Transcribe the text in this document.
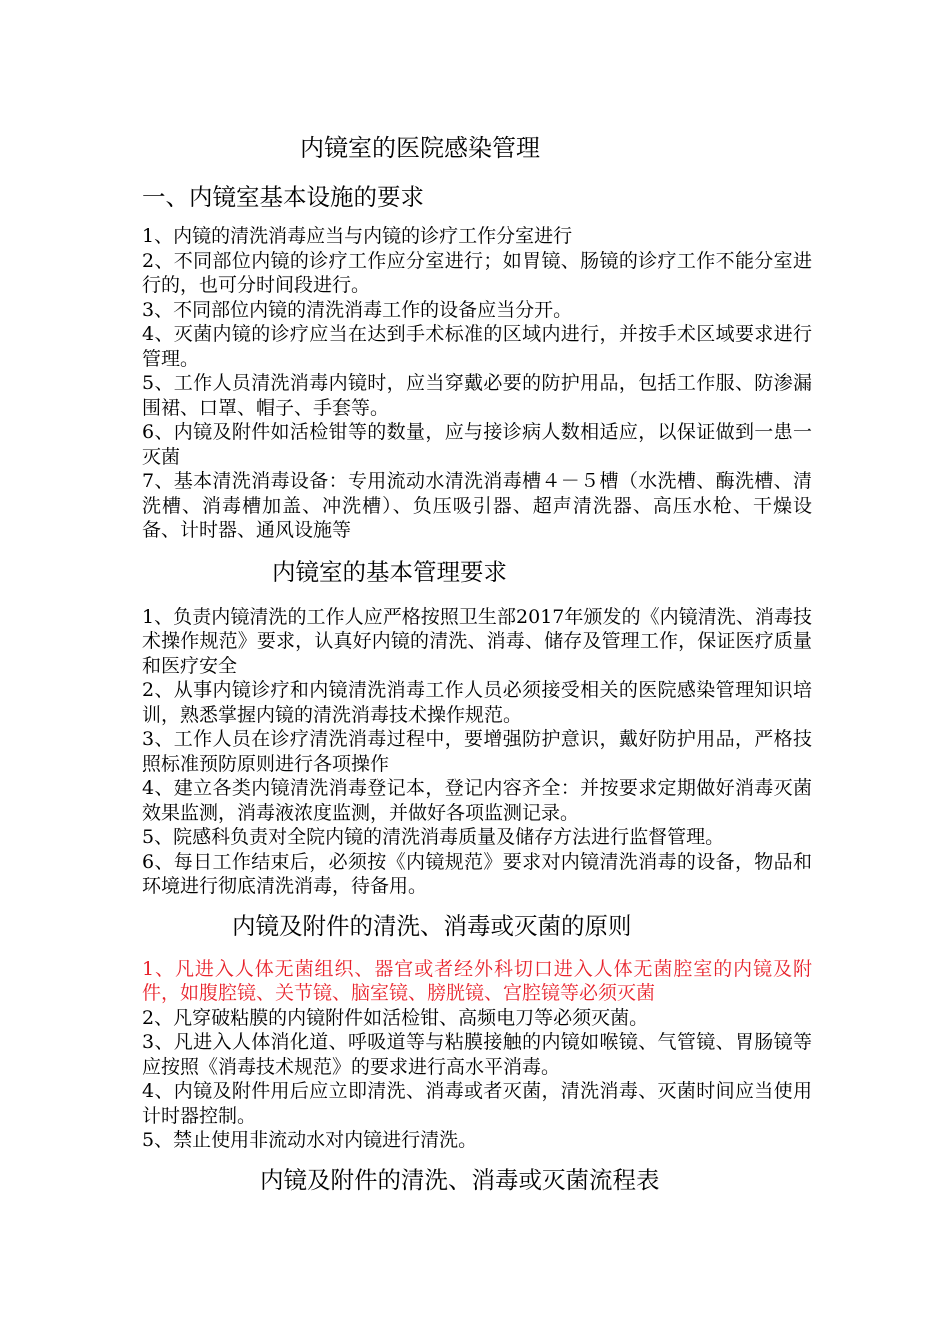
内镜室的医院感染管理
一、内镜室基本设施的要求

1、内镜的清洗消毒应当与内镜的诊疗工作分室进行

2、不同部位内镜的诊疗工作应分室进行；如胃镜、肠镜的诊疗工作不能分室进行的，也可分时间段进行。

3、不同部位内镜的清洗消毒工作的设备应当分开。

4、灭菌内镜的诊疗应当在达到手术标准的区域内进行，并按手术区域要求进行管理。

5、工作人员清洗消毒内镜时，应当穿戴必要的防护用品，包括工作服、防渗漏围裙、口罩、帽子、手套等。

6、内镜及附件如活检钳等的数量，应与接诊病人数相适应，以保证做到一患一灭菌

7、基本清洗消毒设备：专用流动水清洗消毒槽４－５槽（水洗槽、酶洗槽、清洗槽、消毒槽加盖、冲洗槽）、负压吸引器、超声清洗器、高压水枪、干燥设备、计时器、通风设施等

内镜室的基本管理要求

1、负责内镜清洗的工作人应严格按照卫生部2017年颁发的《内镜清洗、消毒技术操作规范》要求，认真好内镜的清洗、消毒、储存及管理工作，保证医疗质量和医疗安全

2、从事内镜诊疗和内镜清洗消毒工作人员必须接受相关的医院感染管理知识培训，熟悉掌握内镜的清洗消毒技术操作规范。

3、工作人员在诊疗清洗消毒过程中，要增强防护意识，戴好防护用品，严格技照标准预防原则进行各项操作

4、建立各类内镜清洗消毒登记本，登记内容齐全：并按要求定期做好消毒灭菌效果监测，消毒液浓度监测，并做好各项监测记录。

5、院感科负责对全院内镜的清洗消毒质量及储存方法进行监督管理。

6、每日工作结束后，必须按《内镜规范》要求对内镜清洗消毒的设备，物品和环境进行彻底清洗消毒，待备用。

内镜及附件的清洗、消毒或灭菌的原则

1、凡进入人体无菌组织、器官或者经外科切口进入人体无菌腔室的内镜及附件，如腹腔镜、关节镜、脑室镜、膀胱镜、宫腔镜等必须灭菌

2、凡穿破粘膜的内镜附件如活检钳、高频电刀等必须灭菌。

3、凡进入人体消化道、呼吸道等与粘膜接触的内镜如喉镜、气管镜、胃肠镜等应按照《消毒技术规范》的要求进行高水平消毒。

4、内镜及附件用后应立即清洗、消毒或者灭菌，清洗消毒、灭菌时间应当使用计时器控制。

5、禁止使用非流动水对内镜进行清洗。

内镜及附件的清洗、消毒或灭菌流程表
